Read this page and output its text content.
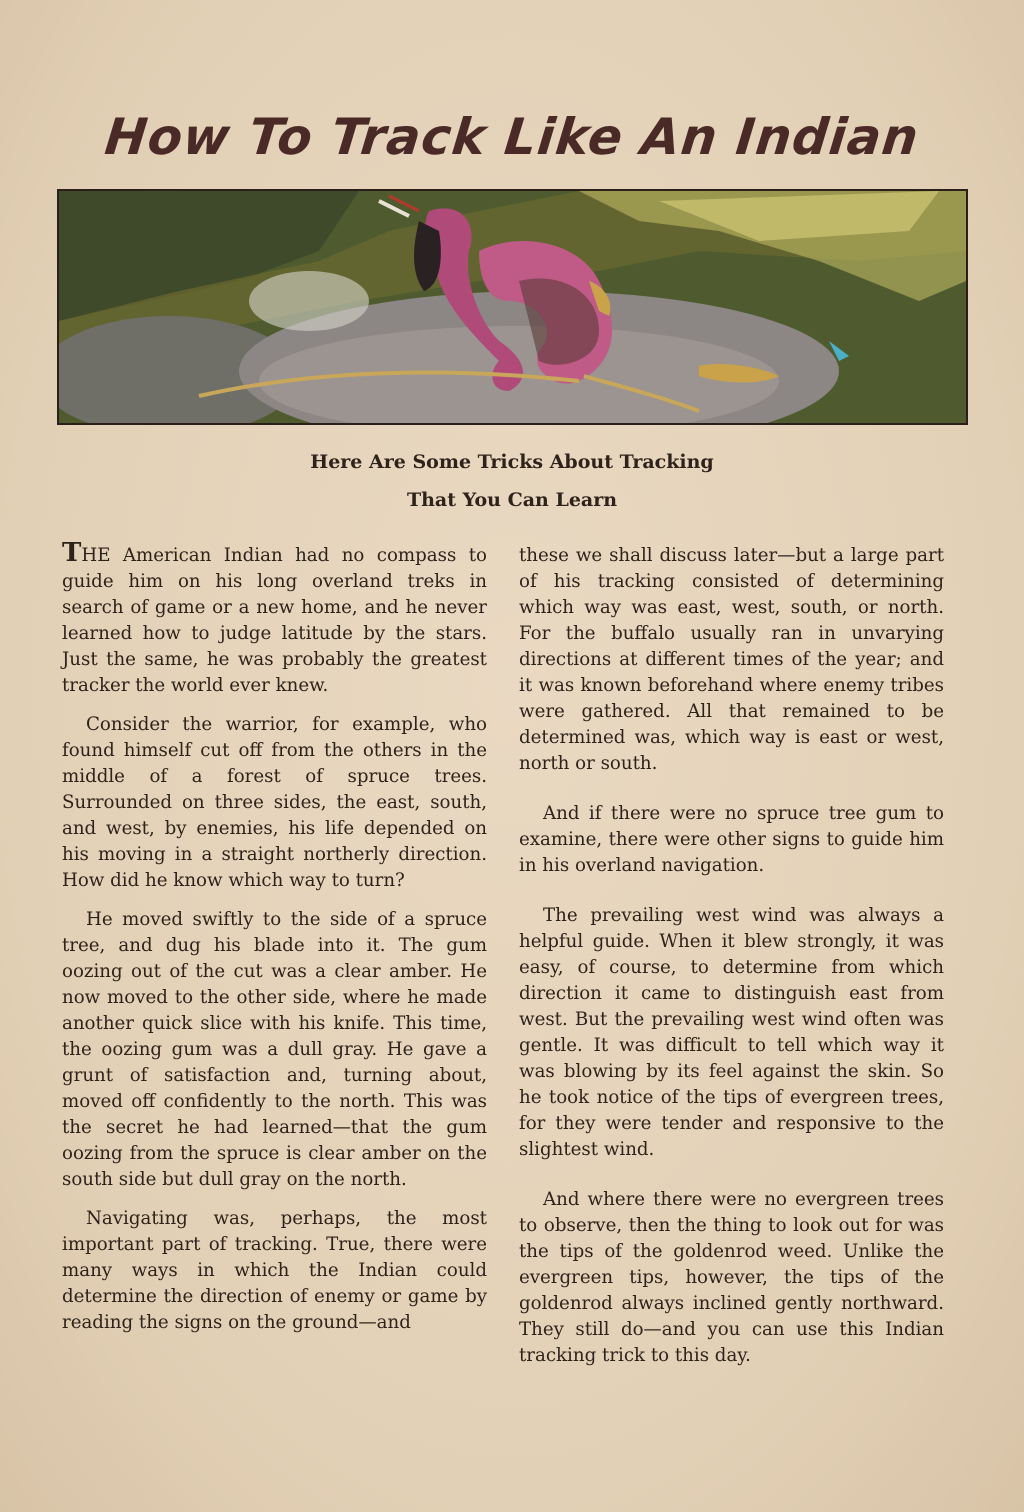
How To Track Like An Indian
Here Are Some Tricks About Tracking
That You Can Learn

THE American Indian had no compass to guide him on his long overland treks in search of game or a new home, and he never learned how to judge latitude by the stars. Just the same, he was probably the greatest tracker the world ever knew.

Consider the warrior, for example, who found himself cut off from the others in the middle of a forest of spruce trees. Surrounded on three sides, the east, south, and west, by enemies, his life depended on his moving in a straight northerly direction. How did he know which way to turn?

He moved swiftly to the side of a spruce tree, and dug his blade into it. The gum oozing out of the cut was a clear amber. He now moved to the other side, where he made another quick slice with his knife. This time, the oozing gum was a dull gray. He gave a grunt of satisfaction and, turning about, moved off confidently to the north. This was the secret he had learned—that the gum oozing from the spruce is clear amber on the south side but dull gray on the north.

Navigating was, perhaps, the most important part of tracking. True, there were many ways in which the Indian could determine the direction of enemy or game by reading the signs on the ground—and

these we shall discuss later—but a large part of his tracking consisted of determining which way was east, west, south, or north. For the buffalo usually ran in unvarying directions at different times of the year; and it was known beforehand where enemy tribes were gathered. All that remained to be determined was, which way is east or west, north or south.

And if there were no spruce tree gum to examine, there were other signs to guide him in his overland navigation.

The prevailing west wind was always a helpful guide. When it blew strongly, it was easy, of course, to determine from which direction it came to distinguish east from west. But the prevailing west wind often was gentle. It was difficult to tell which way it was blowing by its feel against the skin. So he took notice of the tips of evergreen trees, for they were tender and responsive to the slightest wind.

And where there were no evergreen trees to observe, then the thing to look out for was the tips of the goldenrod weed. Unlike the evergreen tips, however, the tips of the goldenrod always inclined gently northward. They still do—and you can use this Indian tracking trick to this day.
